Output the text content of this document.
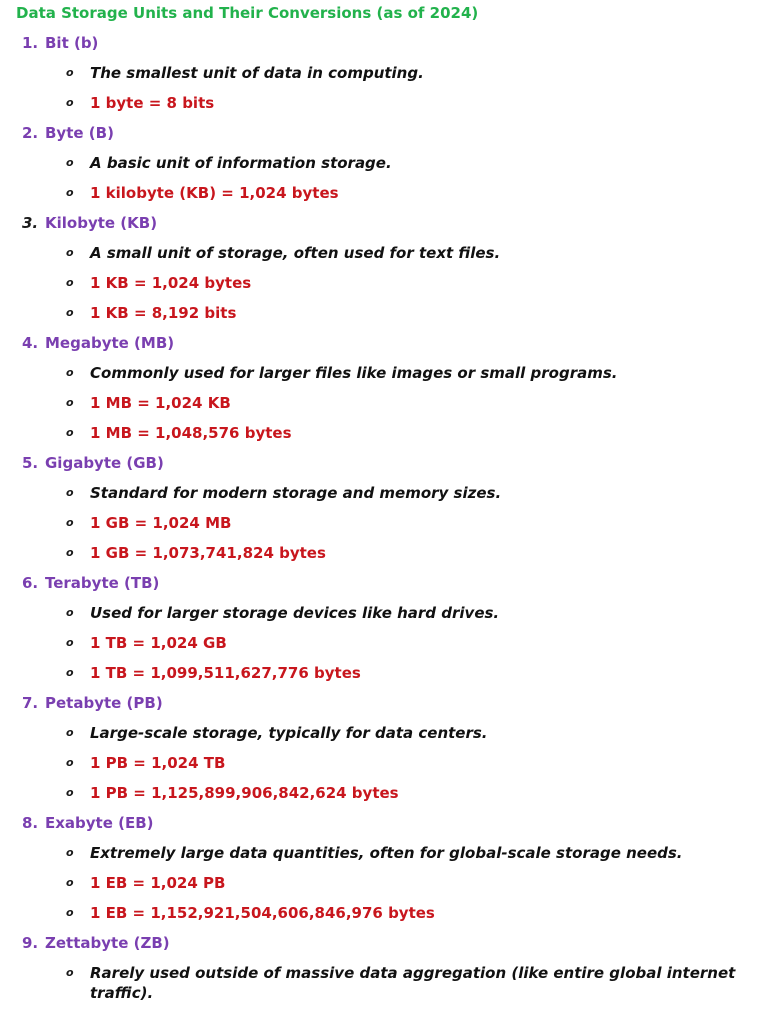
Data Storage Units and Their Conversions (as of 2024)
1. Bit (b)
o The smallest unit of data in computing.
o 1 byte = 8 bits
2. Byte (B)
o A basic unit of information storage.
o 1 kilobyte (KB) = 1,024 bytes
3. Kilobyte (KB)
o A small unit of storage, often used for text files.
o 1 KB = 1,024 bytes
o 1 KB = 8,192 bits
4. Megabyte (MB)
o Commonly used for larger files like images or small programs.
o 1 MB = 1,024 KB
o 1 MB = 1,048,576 bytes
5. Gigabyte (GB)
o Standard for modern storage and memory sizes.
o 1 GB = 1,024 MB
o 1 GB = 1,073,741,824 bytes
6. Terabyte (TB)
o Used for larger storage devices like hard drives.
o 1 TB = 1,024 GB
o 1 TB = 1,099,511,627,776 bytes
7. Petabyte (PB)
o Large-scale storage, typically for data centers.
o 1 PB = 1,024 TB
o 1 PB = 1,125,899,906,842,624 bytes
8. Exabyte (EB)
o Extremely large data quantities, often for global-scale storage needs.
o 1 EB = 1,024 PB
o 1 EB = 1,152,921,504,606,846,976 bytes
9. Zettabyte (ZB)
o Rarely used outside of massive data aggregation (like entire global internet traffic).
